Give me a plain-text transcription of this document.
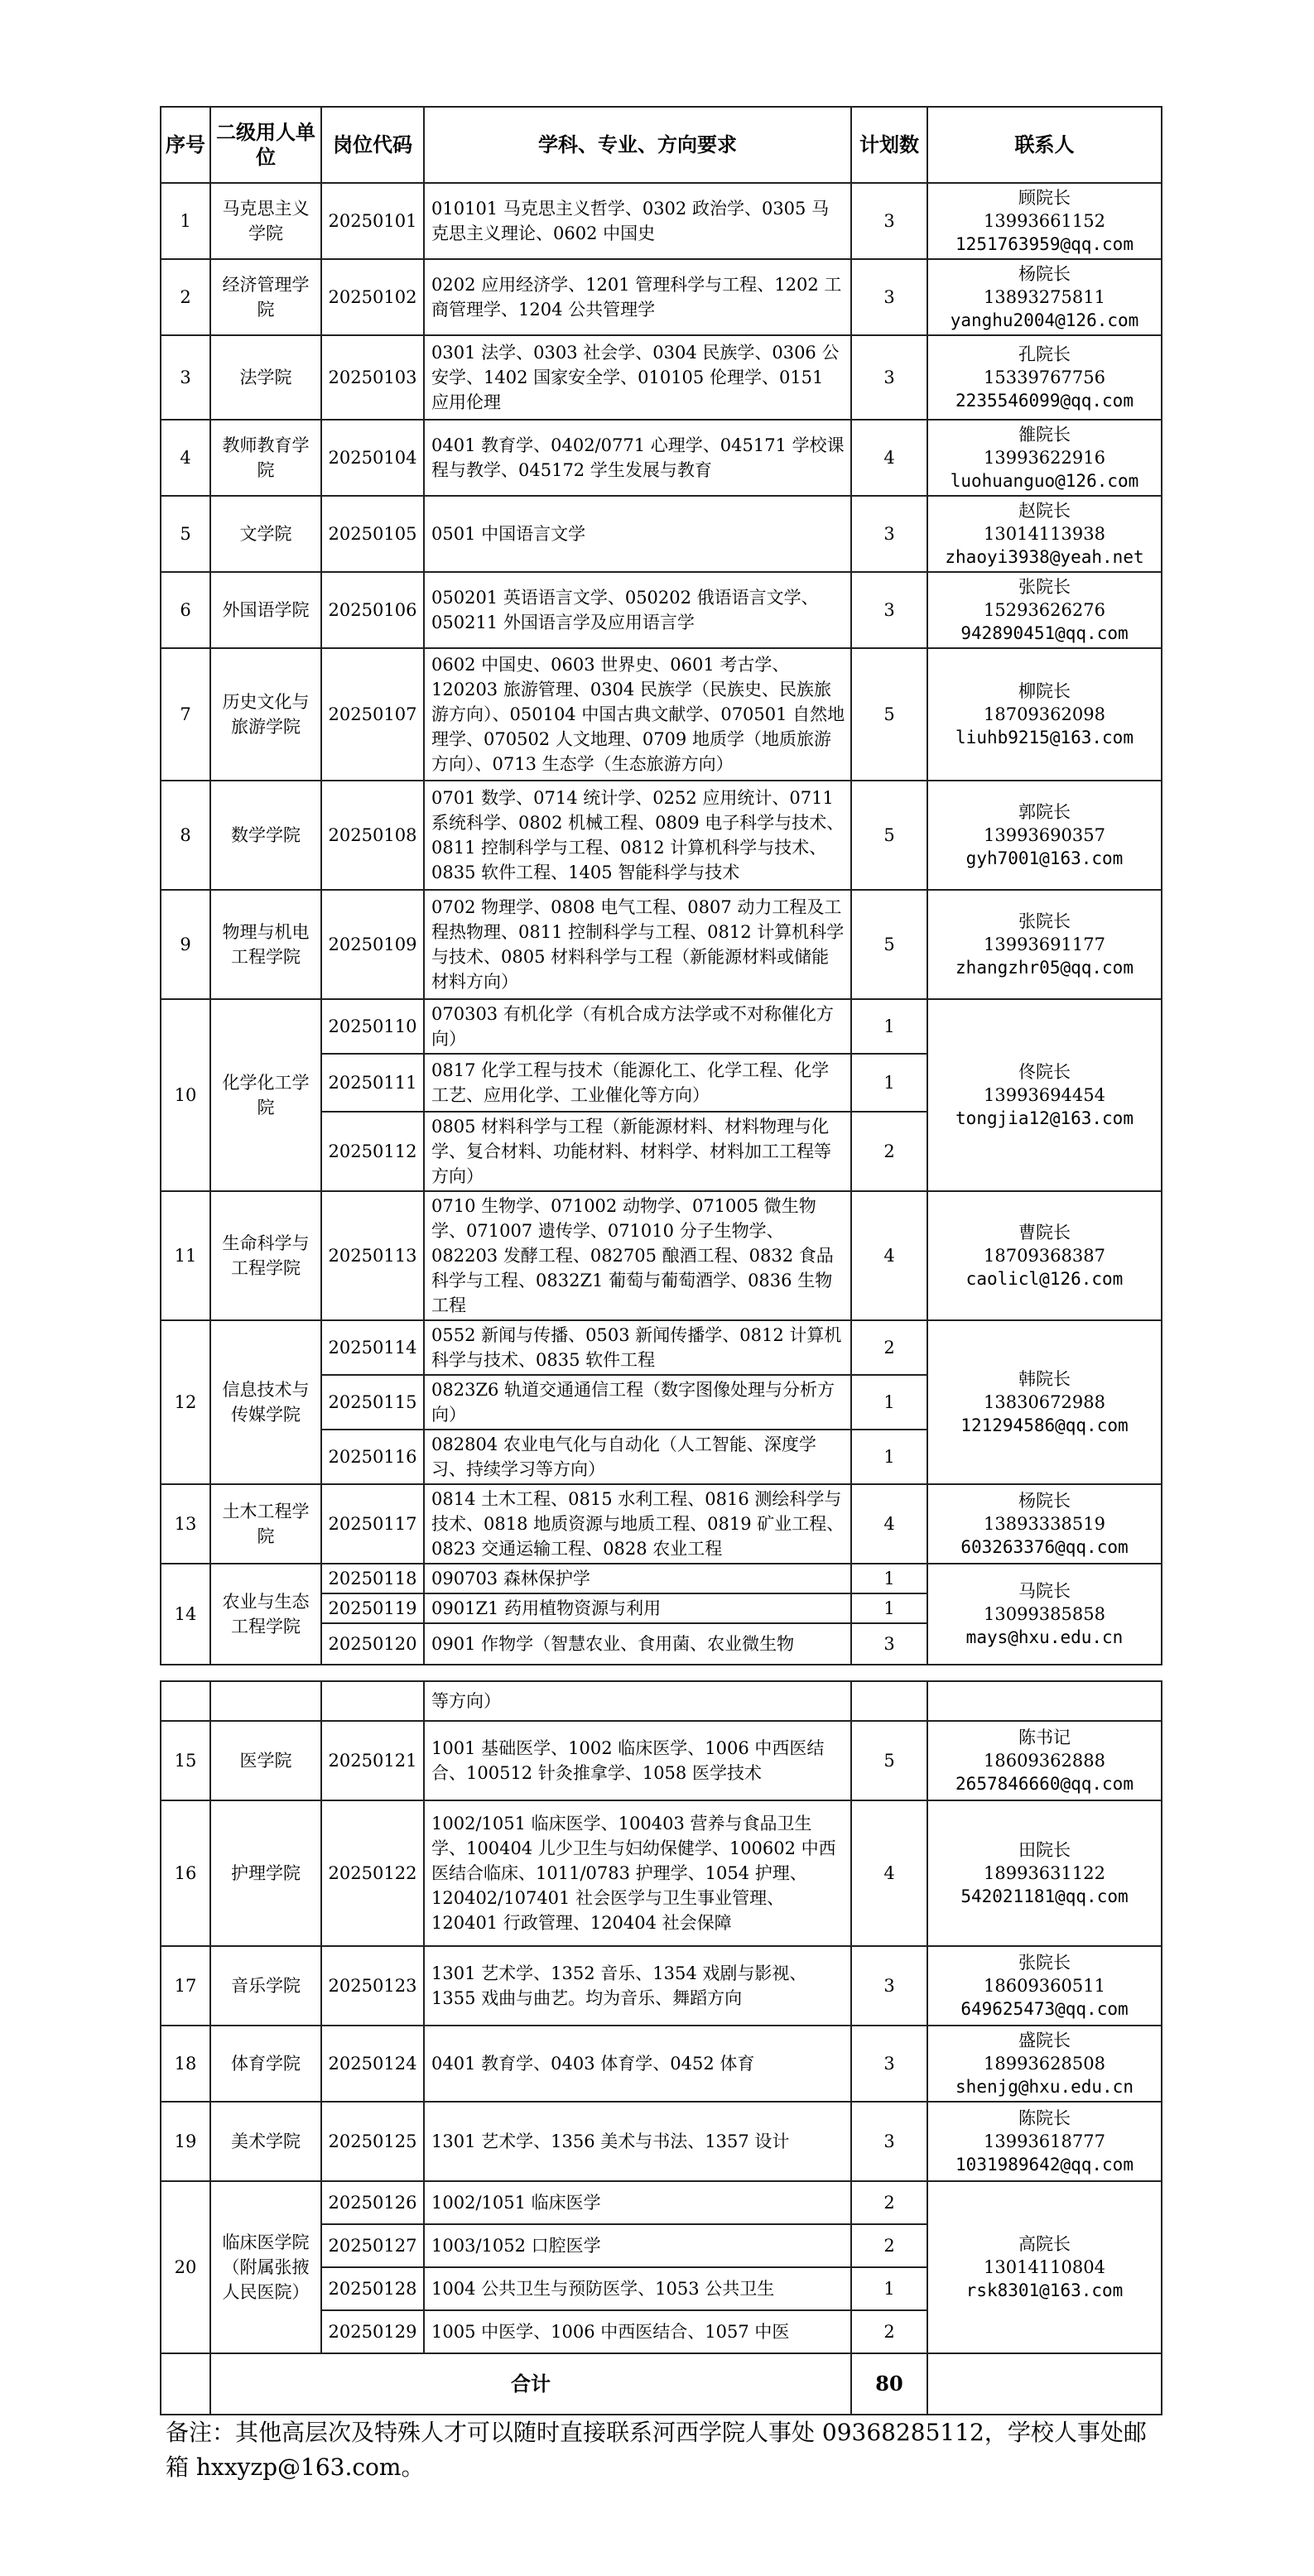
序号	二级用人单位	岗位代码	学科、专业、方向要求	计划数	联系人
1	马克思主义学院	20250101	010101 马克思主义哲学、0302 政治学、0305 马克思主义理论、0602 中国史	3	顾院长
13993661152
1251763959@qq.com

2	经济管理学院	20250102	0202 应用经济学、1201 管理科学与工程、1202 工商管理学、1204 公共管理学	3	杨院长
13893275811
yanghu2004@126.com

3	法学院	20250103	0301 法学、0303 社会学、0304 民族学、0306 公安学、1402 国家安全学、010105 伦理学、0151 应用伦理	3	孔院长
15339767756
2235546099@qq.com

4	教师教育学院	20250104	0401 教育学、0402/0771 心理学、045171 学校课程与教学、045172 学生发展与教育	4	雒院长
13993622916
luohuanguo@126.com

5	文学院	20250105	0501 中国语言文学	3	赵院长
13014113938
zhaoyi3938@yeah.net

6	外国语学院	20250106	050201 英语语言文学、050202 俄语语言文学、050211 外国语言学及应用语言学	3	张院长
15293626276
942890451@qq.com

7	历史文化与旅游学院	20250107	0602 中国史、0603 世界史、0601 考古学、120203 旅游管理、0304 民族学（民族史、民族旅游方向）、050104 中国古典文献学、070501 自然地理学、070502 人文地理、0709 地质学（地质旅游方向）、0713 生态学（生态旅游方向）	5	柳院长
18709362098
liuhb9215@163.com

8	数学学院	20250108	0701 数学、0714 统计学、0252 应用统计、0711 系统科学、0802 机械工程、0809 电子科学与技术、0811 控制科学与工程、0812 计算机科学与技术、0835 软件工程、1405 智能科学与技术	5	郭院长
13993690357
gyh7001@163.com

9	物理与机电工程学院	20250109	0702 物理学、0808 电气工程、0807 动力工程及工程热物理、0811 控制科学与工程、0812 计算机科学与技术、0805 材料科学与工程（新能源材料或储能材料方向）	5	张院长
13993691177
zhangzhr05@qq.com

10	化学化工学院	20250110	070303 有机化学（有机合成方法学或不对称催化方向）	1	佟院长
13993694454
tongjia12@163.com

		20250111	0817 化学工程与技术（能源化工、化学工程、化学工艺、应用化学、工业催化等方向）	1	
		20250112	0805 材料科学与工程（新能源材料、材料物理与化学、复合材料、功能材料、材料学、材料加工工程等方向）	2	
11	生命科学与工程学院	20250113	0710 生物学、071002 动物学、071005 微生物学、071007 遗传学、071010 分子生物学、082203 发酵工程、082705 酿酒工程、0832 食品科学与工程、0832Z1 葡萄与葡萄酒学、0836 生物工程	4	曹院长
18709368387
caolicl@126.com

12	信息技术与传媒学院	20250114	0552 新闻与传播、0503 新闻传播学、0812 计算机科学与技术、0835 软件工程	2	韩院长
13830672988
121294586@qq.com

		20250115	0823Z6 轨道交通通信工程（数字图像处理与分析方向）	1	
		20250116	082804 农业电气化与自动化（人工智能、深度学习、持续学习等方向）	1	
13	土木工程学院	20250117	0814 土木工程、0815 水利工程、0816 测绘科学与技术、0818 地质资源与地质工程、0819 矿业工程、0823 交通运输工程、0828 农业工程	4	杨院长
13893338519
603263376@qq.com

14	农业与生态工程学院	20250118	090703 森林保护学	1	马院长
13099385858
mays@hxu.edu.cn

		20250119	0901Z1 药用植物资源与利用	1	
		20250120	0901 作物学（智慧农业、食用菌、农业微生物	3	
			等方向）		
15	医学院	20250121	1001 基础医学、1002 临床医学、1006 中西医结合、100512 针灸推拿学、1058 医学技术	5	陈书记
18609362888
2657846660@qq.com

16	护理学院	20250122	1002/1051 临床医学、100403 营养与食品卫生学、100404 儿少卫生与妇幼保健学、100602 中西医结合临床、1011/0783 护理学、1054 护理、120402/107401 社会医学与卫生事业管理、120401 行政管理、120404 社会保障	4	田院长
18993631122
542021181@qq.com

17	音乐学院	20250123	1301 艺术学、1352 音乐、1354 戏剧与影视、1355 戏曲与曲艺。均为音乐、舞蹈方向	3	张院长
18609360511
649625473@qq.com

18	体育学院	20250124	0401 教育学、0403 体育学、0452 体育	3	盛院长
18993628508
shenjg@hxu.edu.cn

19	美术学院	20250125	1301 艺术学、1356 美术与书法、1357 设计	3	陈院长
13993618777
1031989642@qq.com

20	临床医学院（附属张掖人民医院）	20250126	1002/1051 临床医学	2	高院长
13014110804
rsk8301@163.com

		20250127	1003/1052 口腔医学	2	
		20250128	1004 公共卫生与预防医学、1053 公共卫生	1	
		20250129	1005 中医学、1006 中西医结合、1057 中医	2	
	合计			80	
备注：其他高层次及特殊人才可以随时直接联系河西学院人事处 09368285112，学校人事处邮箱 hxxyzp@163.com。
